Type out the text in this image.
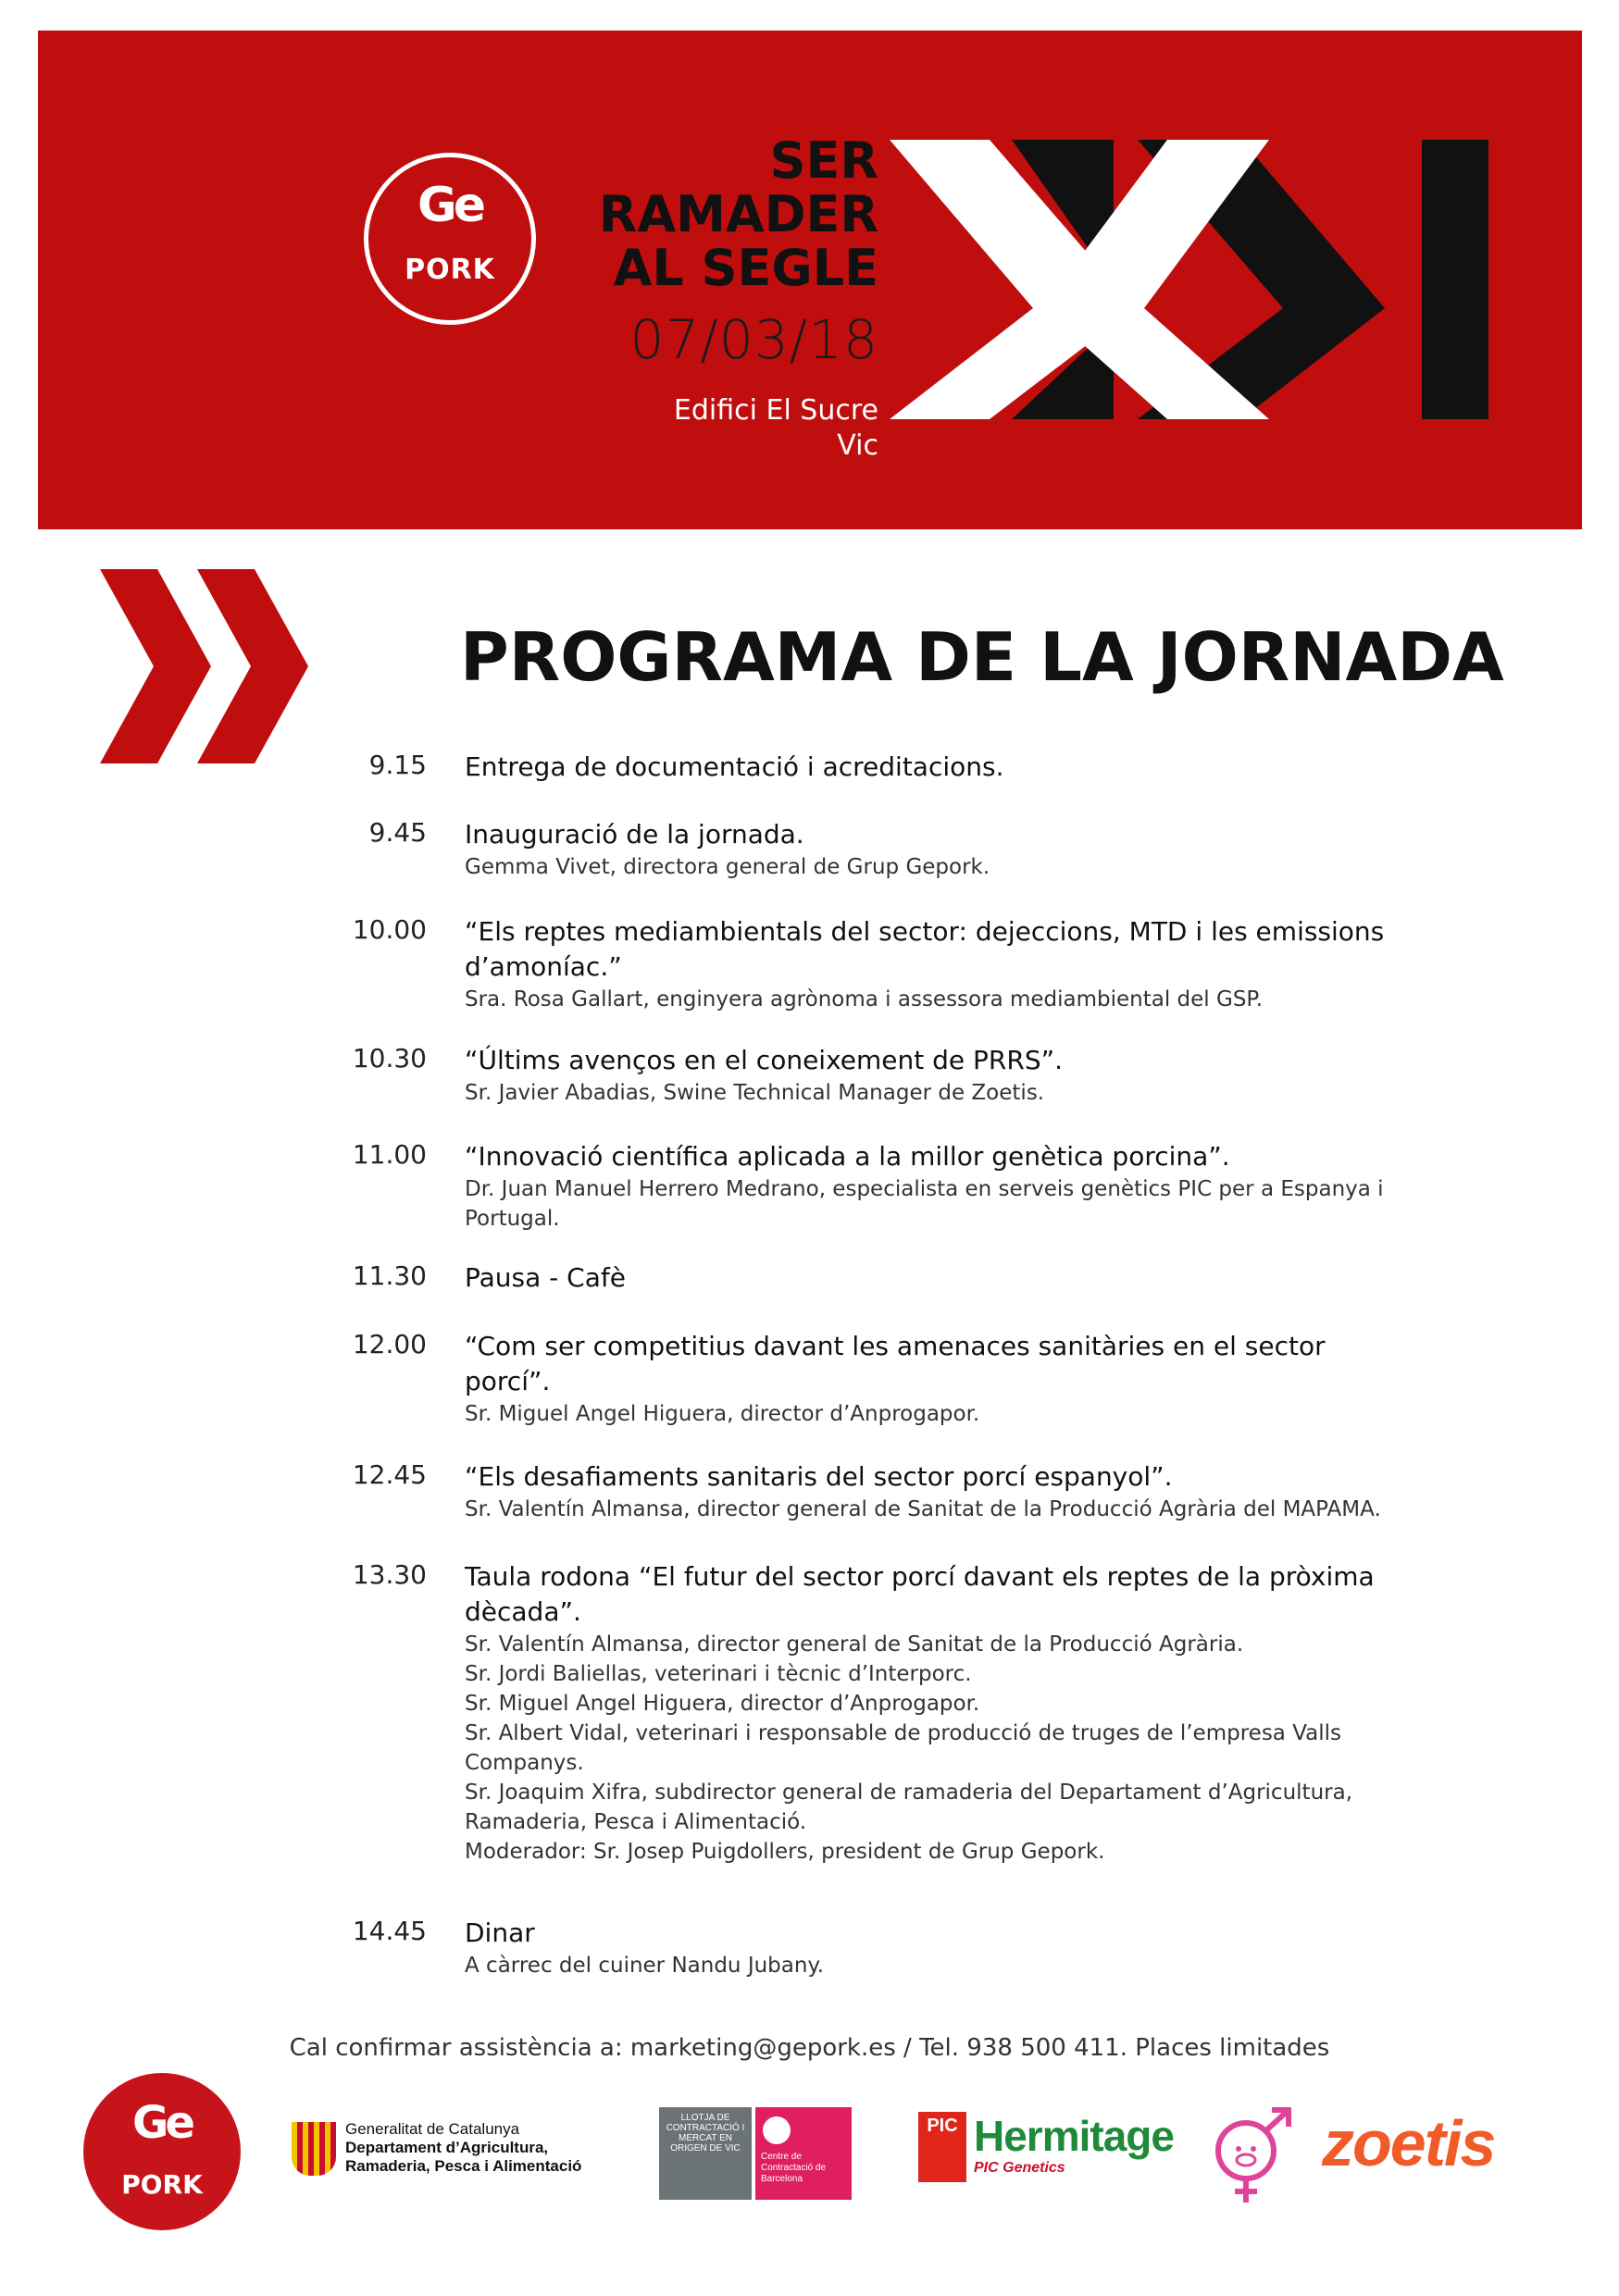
Ge
PORK
SER
RAMADER
AL SEGLE
07/03/18
Edifici El Sucre
Vic
PROGRAMA DE LA JORNADA
9.15 Entrega de documentació i acreditacions.
9.45 Inauguració de la jornada.
Gemma Vivet, directora general de Grup Gepork.
10.00 “Els reptes mediambientals del sector: dejeccions, MTD i les emissions d’amoníac.”
Sra. Rosa Gallart, enginyera agrònoma i assessora mediambiental del GSP.
10.30 “Últims avenços en el coneixement de PRRS”.
Sr. Javier Abadias, Swine Technical Manager de Zoetis.
11.00 “Innovació científica aplicada a la millor genètica porcina”.
Dr. Juan Manuel Herrero Medrano, especialista en serveis genètics PIC per a Espanya i Portugal.
11.30 Pausa - Cafè
12.00 “Com ser competitius davant les amenaces sanitàries en el sector porcí”.
Sr. Miguel Angel Higuera, director d’Anprogapor.
12.45 “Els desafiaments sanitaris del sector porcí espanyol”.
Sr. Valentín Almansa, director general de Sanitat de la Producció Agrària del MAPAMA.
13.30 Taula rodona “El futur del sector porcí davant els reptes de la pròxima dècada”.
Sr. Valentín Almansa, director general de Sanitat de la Producció Agrària.
Sr. Jordi Baliellas, veterinari i tècnic d’Interporc.
Sr. Miguel Angel Higuera, director d’Anprogapor.
Sr. Albert Vidal, veterinari i responsable de producció de truges de l’empresa Valls Companys.
Sr. Joaquim Xifra, subdirector general de ramaderia del Departament d’Agricultura, Ramaderia, Pesca i Alimentació.
Moderador: Sr. Josep Puigdollers, president de Grup Gepork.
14.45 Dinar
A càrrec del cuiner Nandu Jubany.
Cal confirmar assistència a: marketing@gepork.es / Tel. 938 500 411. Places limitades
Ge
PORK
Generalitat de Catalunya
Departament d’Agricultura,
Ramaderia, Pesca i Alimentació
LLOTJA DE CONTRACTACIÓ I MERCAT EN ORIGEN DE VIC
Centre de Contractació de Barcelona
PIC Hermitage
PIC Genetics	zoetis
